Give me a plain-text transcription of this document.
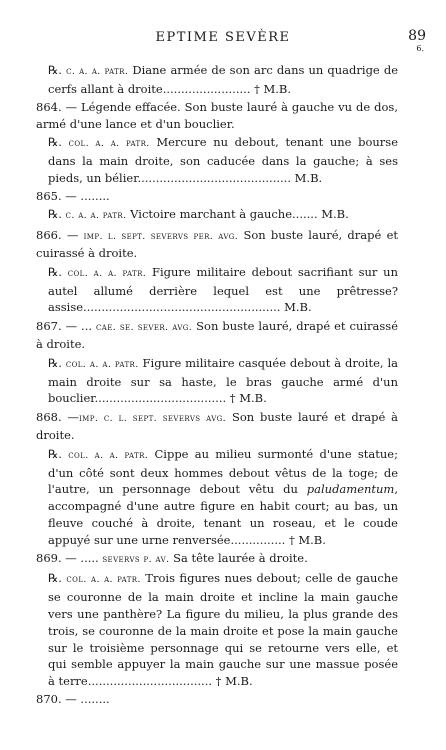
EPTIME SEVÈRE	89
6.

℞. c. a. a. patr. Diane armée de son arc dans un quadrige de cerfs allant à droite........................ † M.B.

864. — Légende effacée. Son buste lauré à gauche vu de dos, armé d'une lance et d'un bouclier.

℞. col. a. a. patr. Mercure nu debout, tenant une bourse dans la main droite, son caducée dans la gauche; à ses pieds, un bélier.......................................... M.B.

865. — ........

℞. c. a. a. patr. Victoire marchant à gauche....... M.B.

866. — imp. l. sept. severvs per. avg. Son buste lauré, drapé et cuirassé à droite.

℞. col. a. a. patr. Figure militaire debout sacrifiant sur un autel allumé derrière lequel est une prêtresse? assise...................................................... M.B.

867. — ... cae. se. sever. avg. Son buste lauré, drapé et cuirassé à droite.

℞. col. a. a. patr. Figure militaire casquée debout à droite, la main droite sur sa haste, le bras gauche armé d'un bouclier.................................... † M.B.

868. —imp. c. l. sept. severvs avg. Son buste lauré et drapé à droite.

℞. col. a. a. patr. Cippe au milieu surmonté d'une statue; d'un côté sont deux hommes debout vêtus de la toge; de l'autre, un personnage debout vêtu du paludamentum, accompagné d'une autre figure en habit court; au bas, un fleuve couché à droite, tenant un roseau, et le coude appuyé sur une urne renversée............... † M.B.

869. — ..... severvs p. av. Sa tête laurée à droite.

℞. col. a. a. patr. Trois figures nues debout; celle de gauche se couronne de la main droite et incline la main gauche vers une panthère? La figure du milieu, la plus grande des trois, se couronne de la main droite et pose la main gauche sur le troisième personnage qui se retourne vers elle, et qui semble appuyer la main gauche sur une massue posée à terre.................................. † M.B.

870. — ........
